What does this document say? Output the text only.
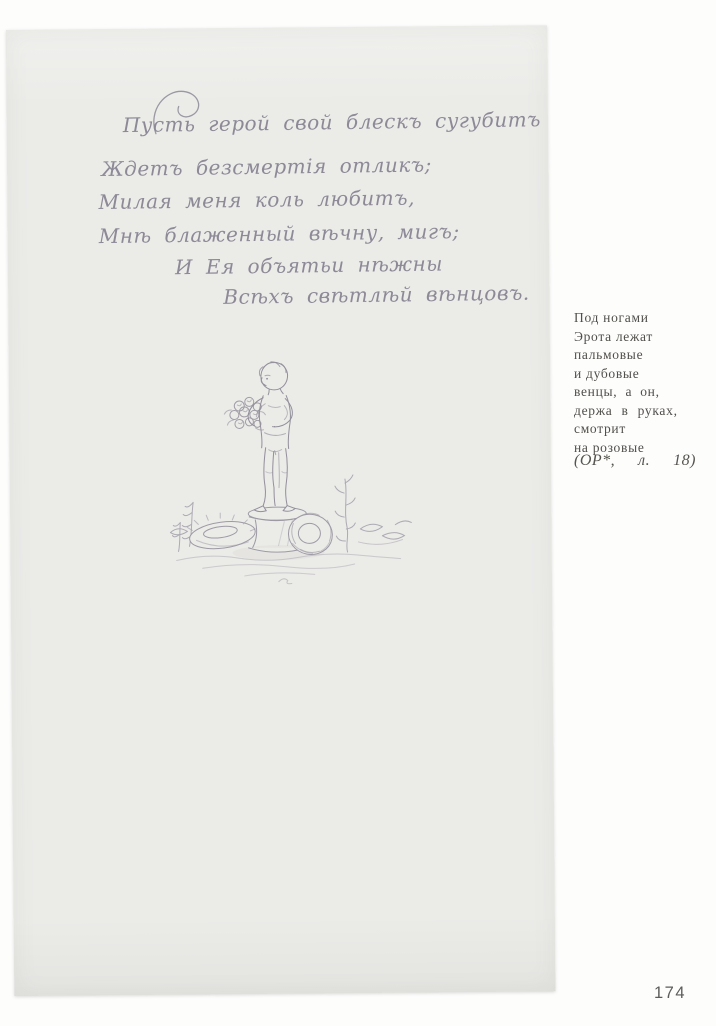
Пусть герой свой блескъ сугубитъ
Ждетъ безсмертія отликъ;
Милая меня коль любитъ,
Мнѣ блаженный вѣчну, мигъ;
И Ея объятьи нѣжны
Всѣхъ свѣтлѣй вѣнцовъ.
Под ногами
Эрота лежат
пальмовые
и дубовые
венцы, а он,
держа в руках,
смотрит
на розовые
(ОР*, л. 18)
174
